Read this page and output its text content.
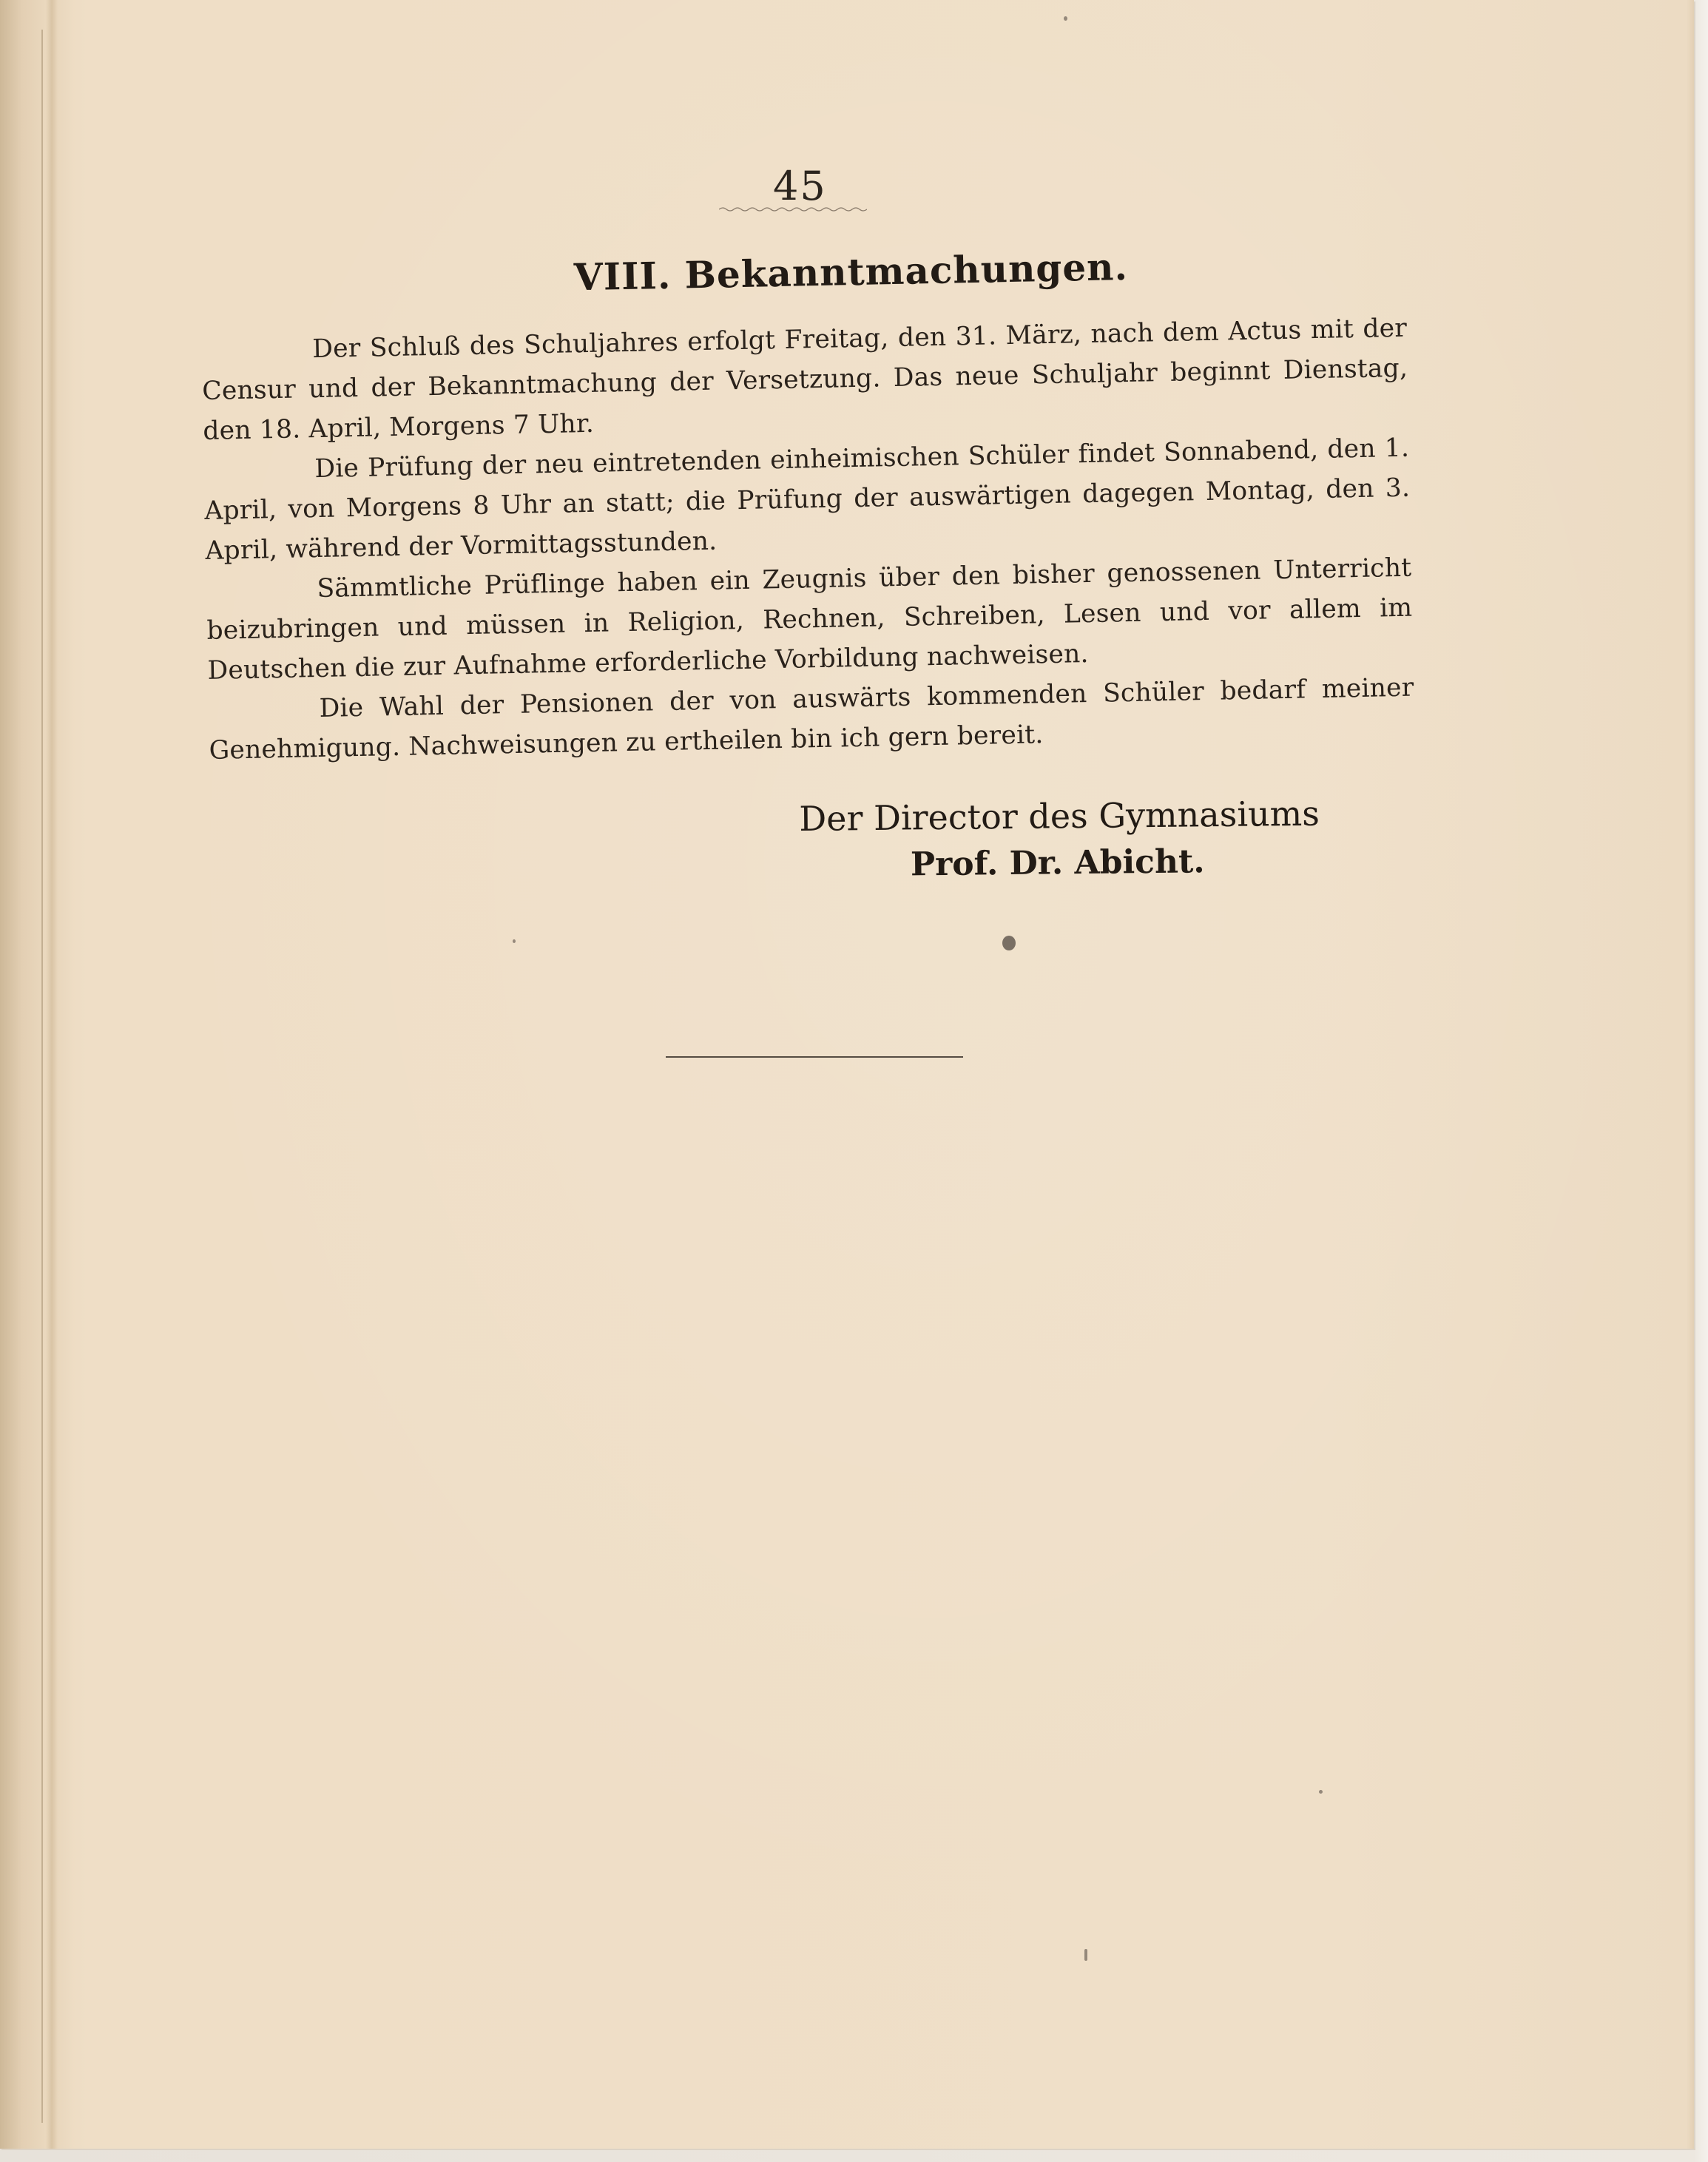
45
VIII. Bekanntmachungen.

Der Schluß des Schuljahres erfolgt Freitag, den 31. März, nach dem Actus mit der Censur und der Bekanntmachung der Versetzung. Das neue Schuljahr beginnt Dienstag, den 18. April, Morgens 7 Uhr.

Die Prüfung der neu eintretenden einheimischen Schüler findet Sonnabend, den 1. April, von Morgens 8 Uhr an statt; die Prüfung der auswärtigen dagegen Montag, den 3. April, während der Vormittagsstunden.

Sämmtliche Prüflinge haben ein Zeugnis über den bisher genossenen Unterricht beizubringen und müssen in Religion, Rechnen, Schreiben, Lesen und vor allem im Deutschen die zur Aufnahme erforderliche Vorbildung nachweisen.

Die Wahl der Pensionen der von auswärts kommenden Schüler bedarf meiner Genehmigung. Nachweisungen zu ertheilen bin ich gern bereit.

Der Director des Gymnasiums
Prof. Dr. Abicht.
